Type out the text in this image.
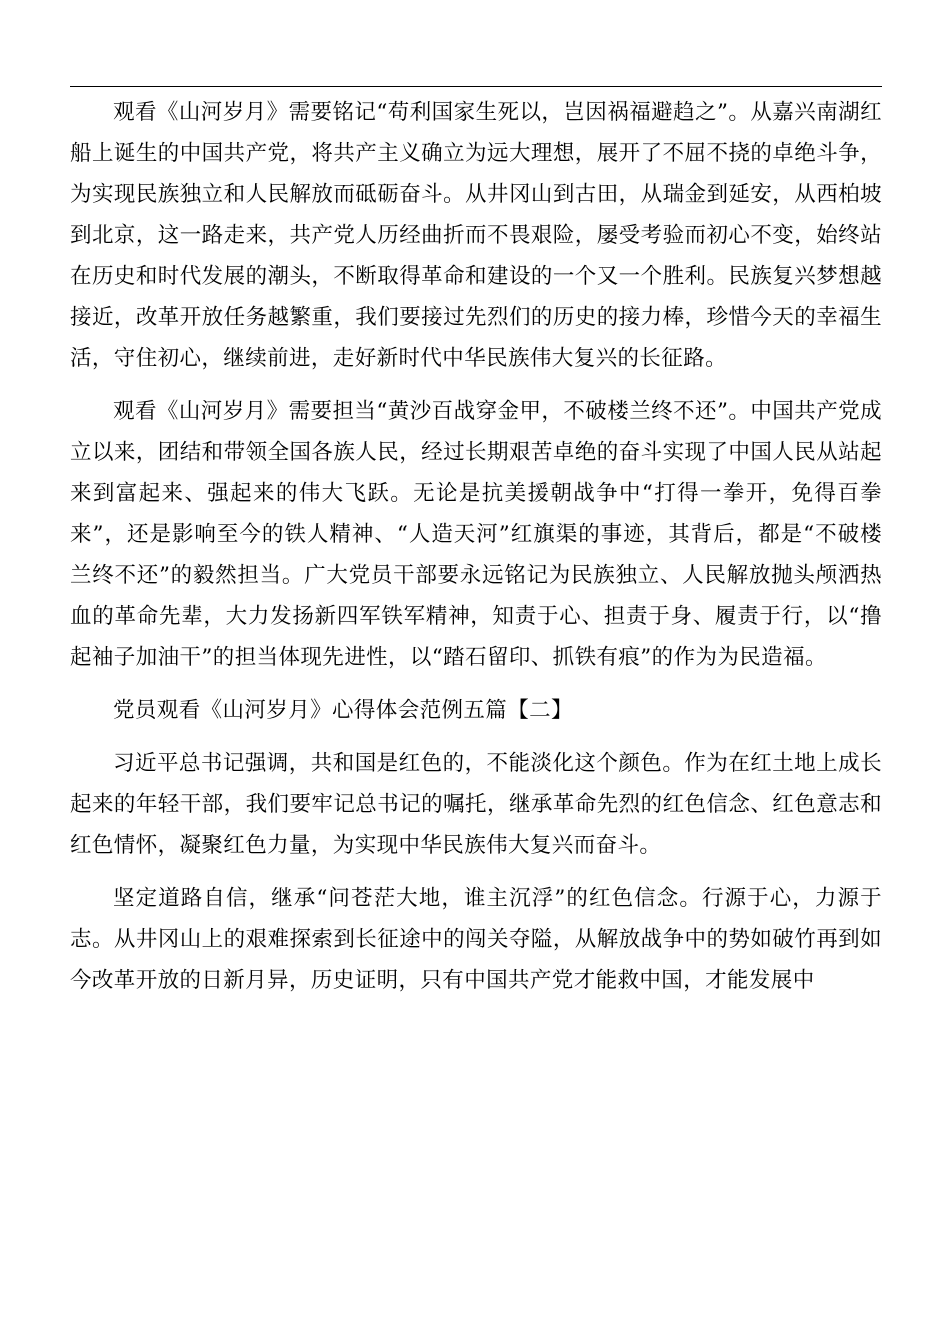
观看《山河岁月》需要铭记“苟利国家生死以，岂因祸福避趋之”。从嘉兴南湖红船上诞生的中国共产党，将共产主义确立为远大理想，展开了不屈不挠的卓绝斗争，为实现民族独立和人民解放而砥砺奋斗。从井冈山到古田，从瑞金到延安，从西柏坡到北京，这一路走来，共产党人历经曲折而不畏艰险，屡受考验而初心不变，始终站在历史和时代发展的潮头，不断取得革命和建设的一个又一个胜利。民族复兴梦想越接近，改革开放任务越繁重，我们要接过先烈们的历史的接力棒，珍惜今天的幸福生活，守住初心，继续前进，走好新时代中华民族伟大复兴的长征路。

观看《山河岁月》需要担当“黄沙百战穿金甲，不破楼兰终不还”。中国共产党成立以来，团结和带领全国各族人民，经过长期艰苦卓绝的奋斗实现了中国人民从站起来到富起来、强起来的伟大飞跃。无论是抗美援朝战争中“打得一拳开，免得百拳来”，还是影响至今的铁人精神、“人造天河”红旗渠的事迹，其背后，都是“不破楼兰终不还”的毅然担当。广大党员干部要永远铭记为民族独立、人民解放抛头颅洒热血的革命先辈，大力发扬新四军铁军精神，知责于心、担责于身、履责于行，以“撸起袖子加油干”的担当体现先进性，以“踏石留印、抓铁有痕”的作为为民造福。

党员观看《山河岁月》心得体会范例五篇【二】

习近平总书记强调，共和国是红色的，不能淡化这个颜色。作为在红土地上成长起来的年轻干部，我们要牢记总书记的嘱托，继承革命先烈的红色信念、红色意志和红色情怀，凝聚红色力量，为实现中华民族伟大复兴而奋斗。

坚定道路自信，继承“问苍茫大地，谁主沉浮”的红色信念。行源于心，力源于志。从井冈山上的艰难探索到长征途中的闯关夺隘，从解放战争中的势如破竹再到如今改革开放的日新月异，历史证明，只有中国共产党才能救中国，才能发展中
